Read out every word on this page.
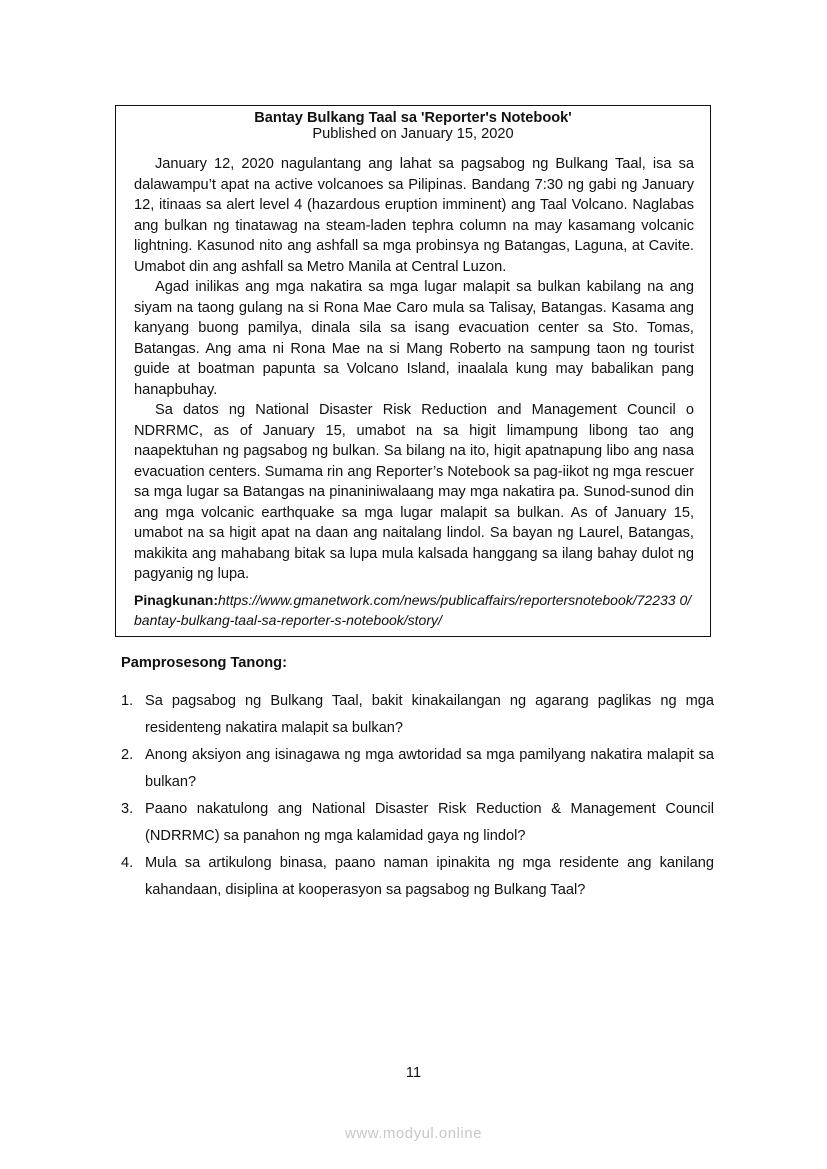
Bantay Bulkang Taal sa 'Reporter's Notebook'
Published on January 15, 2020

January 12, 2020 nagulantang ang lahat sa pagsabog ng Bulkang Taal, isa sa dalawampu’t apat na active volcanoes sa Pilipinas. Bandang 7:30 ng gabi ng January 12, itinaas sa alert level 4 (hazardous eruption imminent) ang Taal Volcano. Naglabas ang bulkan ng tinatawag na steam-laden tephra column na may kasamang volcanic lightning. Kasunod nito ang ashfall sa mga probinsya ng Batangas, Laguna, at Cavite. Umabot din ang ashfall sa Metro Manila at Central Luzon.

Agad inilikas ang mga nakatira sa mga lugar malapit sa bulkan kabilang na ang siyam na taong gulang na si Rona Mae Caro mula sa Talisay, Batangas. Kasama ang kanyang buong pamilya, dinala sila sa isang evacuation center sa Sto. Tomas, Batangas. Ang ama ni Rona Mae na si Mang Roberto na sampung taon ng tourist guide at boatman papunta sa Volcano Island, inaalala kung may babalikan pang hanapbuhay.

Sa datos ng National Disaster Risk Reduction and Management Council o NDRRMC, as of January 15, umabot na sa higit limampung libong tao ang naapektuhan ng pagsabog ng bulkan. Sa bilang na ito, higit apatnapung libo ang nasa evacuation centers. Sumama rin ang Reporter’s Notebook sa pag-iikot ng mga rescuer sa mga lugar sa Batangas na pinaniniwalaang may mga nakatira pa. Sunod-sunod din ang mga volcanic earthquake sa mga lugar malapit sa bulkan. As of January 15, umabot na sa higit apat na daan ang naitalang lindol. Sa bayan ng Laurel, Batangas, makikita ang mahabang bitak sa lupa mula kalsada hanggang sa ilang bahay dulot ng pagyanig ng lupa.

Pinagkunan:https://www.gmanetwork.com/news/publicaffairs/reportersnotebook/72233 0/bantay-bulkang-taal-sa-reporter-s-notebook/story/
Pamprosesong Tanong:
1. Sa pagsabog ng Bulkang Taal, bakit kinakailangan ng agarang paglikas ng mga residenteng nakatira malapit sa bulkan?
2. Anong aksiyon ang isinagawa ng mga awtoridad sa mga pamilyang nakatira malapit sa bulkan?
3. Paano nakatulong ang National Disaster Risk Reduction & Management Council (NDRRMC) sa panahon ng mga kalamidad gaya ng lindol?
4. Mula sa artikulong binasa, paano naman ipinakita ng mga residente ang kanilang kahandaan, disiplina at kooperasyon sa pagsabog ng Bulkang Taal?
11
www.modyul.online
